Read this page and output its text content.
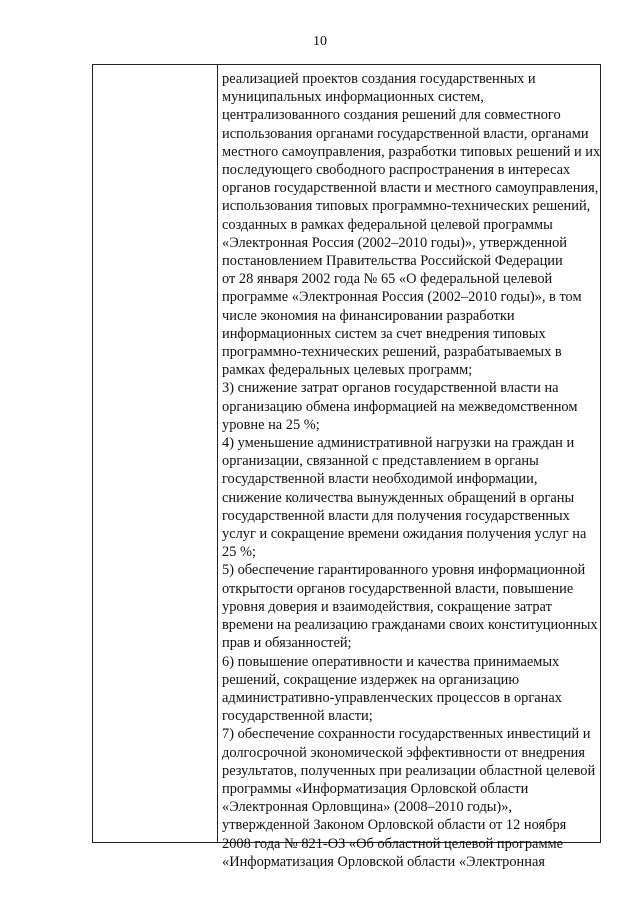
10
реализацией проектов создания государственных и
муниципальных информационных систем,
централизованного создания решений для совместного
использования органами государственной власти, органами
местного самоуправления, разработки типовых решений и их
последующего свободного распространения в интересах
органов государственной власти и местного самоуправления,
использования типовых программно-технических решений,
созданных в рамках федеральной целевой программы
«Электронная Россия (2002–2010 годы)», утвержденной
постановлением Правительства Российской Федерации
от 28 января 2002 года № 65 «О федеральной целевой
программе «Электронная Россия (2002–2010 годы)», в том
числе экономия на финансировании разработки
информационных систем за счет внедрения типовых
программно-технических решений, разрабатываемых в
рамках федеральных целевых программ;
3) снижение затрат органов государственной власти на
организацию обмена информацией на межведомственном
уровне на 25 %;
4) уменьшение административной нагрузки на граждан и
организации, связанной с представлением в органы
государственной власти необходимой информации,
снижение количества вынужденных обращений в органы
государственной власти для получения государственных
услуг и сокращение времени ожидания получения услуг на
25 %;
5) обеспечение гарантированного уровня информационной
открытости органов государственной власти, повышение
уровня доверия и взаимодействия, сокращение затрат
времени на реализацию гражданами своих конституционных
прав и обязанностей;
6) повышение оперативности и качества принимаемых
решений, сокращение издержек на организацию
административно-управленческих процессов в органах
государственной власти;
7) обеспечение сохранности государственных инвестиций и
долгосрочной экономической эффективности от внедрения
результатов, полученных при реализации областной целевой
программы «Информатизация Орловской области
«Электронная Орловщина» (2008–2010 годы)»,
утвержденной Законом Орловской области от 12 ноября
2008 года № 821-ОЗ «Об областной целевой программе
«Информатизация Орловской области «Электронная
